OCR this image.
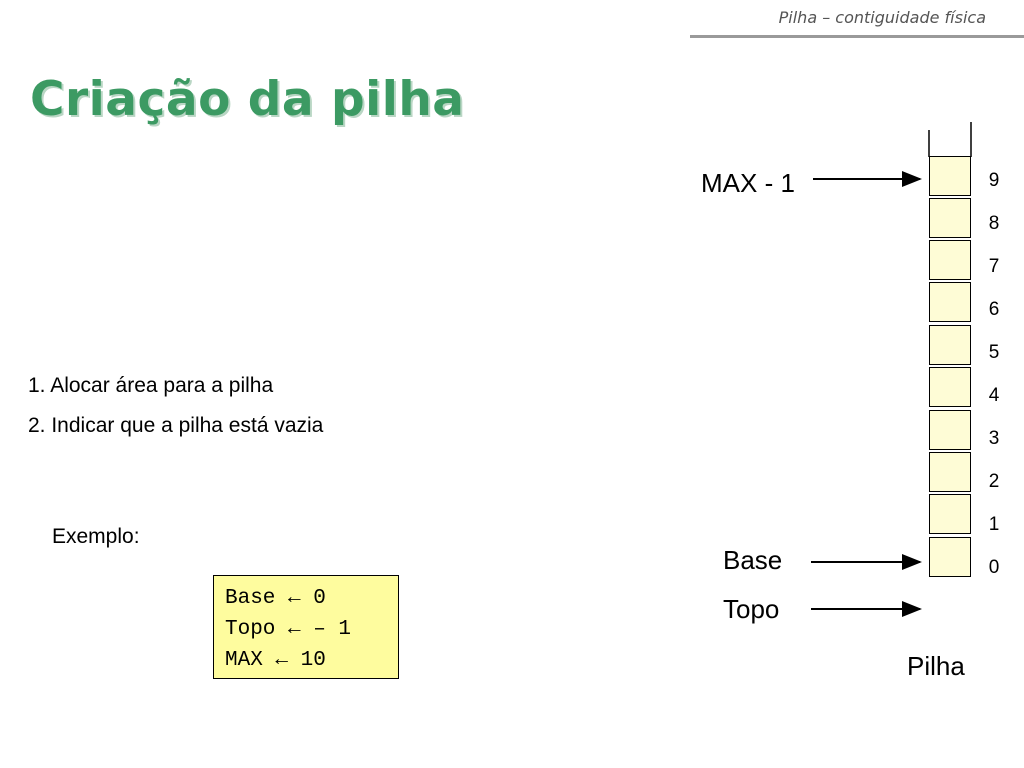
Pilha – contiguidade física
Criação da pilha
1. Alocar área para a pilha
2. Indicar que a pilha está vazia
Exemplo:
Base ← 0
Topo ← – 1
MAX ← 10
9
8
7
6
5
4
3
2
1
0
MAX - 1
Base
Topo
Pilha
